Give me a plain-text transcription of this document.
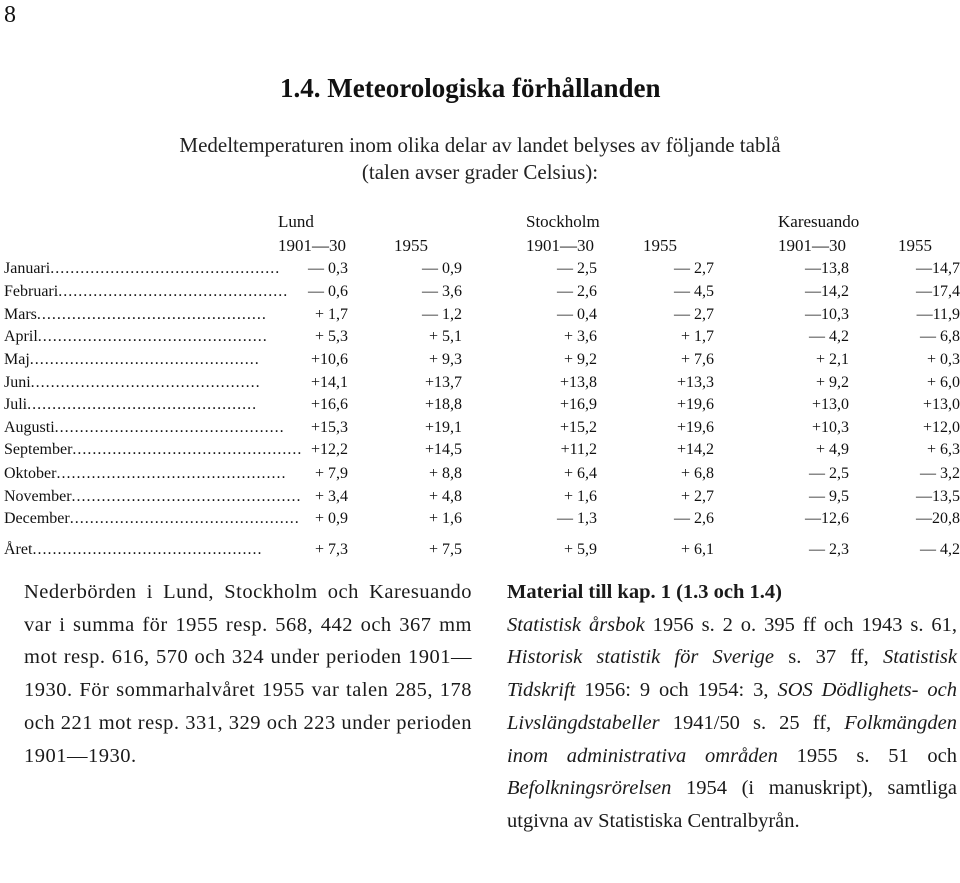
8
1.4. Meteorologiska förhållanden
Medeltemperaturen inom olika delar av landet belyses av följande tablå
(talen avser grader Celsius):
Lund	Stockholm	Karesuando
1901—30	1955	1901—30	1955	1901—30	1955
Januari..............................................	— 0,3	— 0,9	— 2,5	— 2,7	—13,8	—14,7
Februari..............................................	— 0,6	— 3,6	— 2,6	— 4,5	—14,2	—17,4
Mars..............................................	+ 1,7	— 1,2	— 0,4	— 2,7	—10,3	—11,9
April..............................................	+ 5,3	+ 5,1	+ 3,6	+ 1,7	— 4,2	— 6,8
Maj..............................................	+10,6	+ 9,3	+ 9,2	+ 7,6	+ 2,1	+ 0,3
Juni..............................................	+14,1	+13,7	+13,8	+13,3	+ 9,2	+ 6,0
Juli..............................................	+16,6	+18,8	+16,9	+19,6	+13,0	+13,0
Augusti..............................................	+15,3	+19,1	+15,2	+19,6	+10,3	+12,0
September.............................................. +12,2	+14,5	+11,2	+14,2	+ 4,9	+ 6,3
Oktober..............................................	+ 7,9	+ 8,8	+ 6,4	+ 6,8	— 2,5	— 3,2
November.............................................. + 3,4	+ 4,8	+ 1,6	+ 2,7	— 9,5	—13,5
December.............................................. + 0,9	+ 1,6	— 1,3	— 2,6	—12,6	—20,8
Året..............................................	+ 7,3	+ 7,5	+ 5,9	+ 6,1	— 2,3	— 4,2

Nederbörden i Lund, Stockholm och Karesuando var i summa för 1955 resp. 568, 442 och 367 mm mot resp. 616, 570 och 324 under perioden 1901—1930. För sommarhalvåret 1955 var talen 285, 178 och 221 mot resp. 331, 329 och 223 under perioden 1901—1930.

Material till kap. 1 (1.3 och 1.4)
Statistisk årsbok 1956 s. 2 o. 395 ff och 1943 s. 61, Historisk statistik för Sverige s. 37 ff, Statistisk Tidskrift 1956: 9 och 1954: 3, SOS Dödlighets- och Livslängdstabeller 1941/50 s. 25 ff, Folkmängden inom administrativa områden 1955 s. 51 och Befolkningsrörelsen 1954 (i manuskript), samtliga utgivna av Statistiska Centralbyrån.
